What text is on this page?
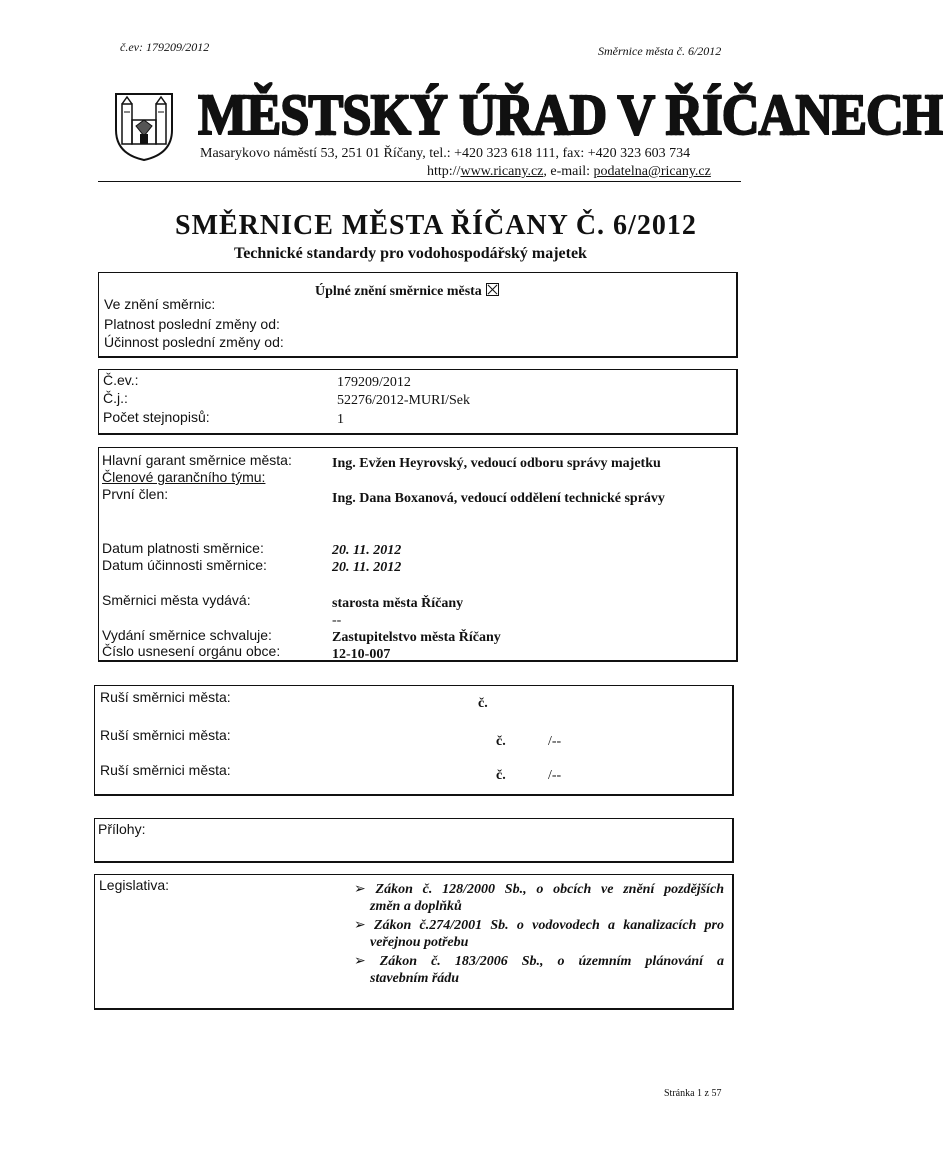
č.ev: 179209/2012	Směrnice města č. 6/2012
MĚSTSKÝ ÚŘAD V ŘÍČANECH
Masarykovo náměstí 53, 251 01 Říčany, tel.: +420 323 618 111, fax: +420 323 603 734
http://www.ricany.cz, e-mail: podatelna@ricany.cz
SMĚRNICE MĚSTA ŘÍČANY Č. 6/2012
Technické standardy pro vodohospodářský majetek
Úplné znění směrnice města
Ve znění směrnic:
Platnost poslední změny od:
Účinnost poslední změny od:
Č.ev.:	179209/2012
Č.j.:	52276/2012-MURI/Sek
Počet stejnopisů:	1
Hlavní garant směrnice města:	Ing. Evžen Heyrovský, vedoucí odboru správy majetku
Členové garančního týmu:
První člen:	Ing. Dana Boxanová, vedoucí oddělení technické správy
Datum platnosti směrnice:	20. 11. 2012
Datum účinnosti směrnice:	20. 11. 2012
Směrnici města vydává:	starosta města Říčany
--
Vydání směrnice schvaluje:	Zastupitelstvo města Říčany
Číslo usnesení orgánu obce:	12-10-007
Ruší směrnici města:	č.
Ruší směrnici města:	č.	/--
Ruší směrnici města:	č.	/--
Přílohy:
Legislativa:	➢ Zákon č. 128/2000 Sb., o obcích ve znění pozdějších
změn a doplňků
➢ Zákon č.274/2001 Sb. o vodovodech a kanalizacích pro
veřejnou potřebu
➢ Zákon č. 183/2006 Sb., o územním plánování a
stavebním řádu
Stránka 1 z 57
